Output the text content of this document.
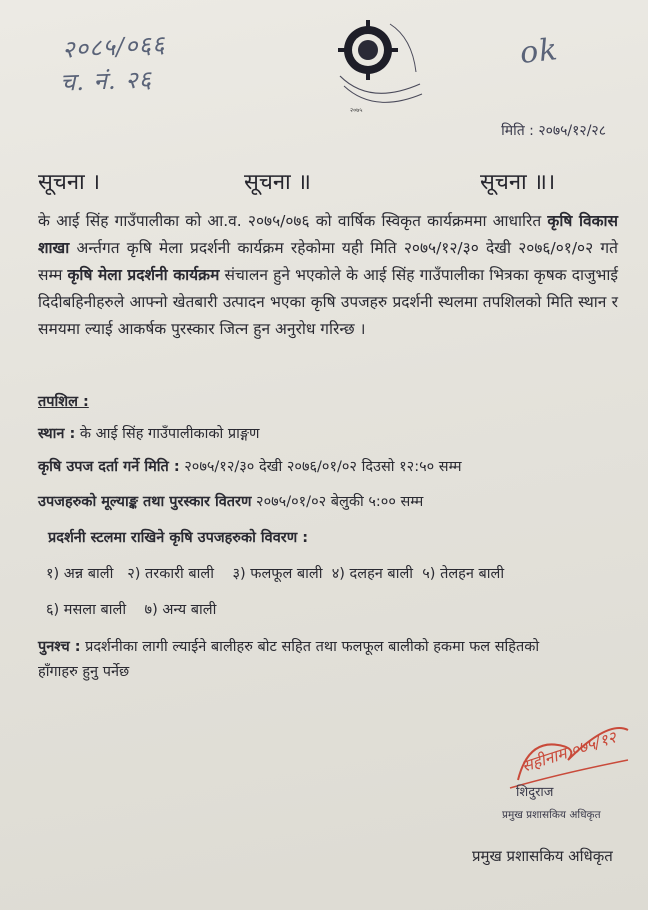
२०८५/०६६
च. नं. २६
ok
२०७५
मिति : २०७५/१२/२८
सूचना ।	सूचना ॥	सूचना ॥।
के आई सिंह गाउँपालीका को आ.व. २०७५/०७६ को वार्षिक स्विकृत कार्यक्रममा आधारित कृषि विकास शाखा अर्न्तगत कृषि मेला प्रदर्शनी कार्यक्रम रहेकोमा यही मिति २०७५/१२/३० देखी २०७६/०१/०२ गते सम्म कृषि मेला प्रदर्शनी कार्यक्रम संचालन हुने भएकोले के आई सिंह गाउँपालीका भित्रका कृषक दाजुभाई दिदीबहिनीहरुले आफ्नो खेतबारी उत्पादन भएका कृषि उपजहरु प्रदर्शनी स्थलमा तपशिलको मिति स्थान र समयमा ल्याई आकर्षक पुरस्कार जित्न हुन अनुरोध गरिन्छ ।
तपशिल :
स्थान : के आई सिंह गाउँपालीकाको प्राङ्गण
कृषि उपज दर्ता गर्ने मिति : २०७५/१२/३० देखी २०७६/०१/०२ दिउसो १२:५० सम्म
उपजहरुको मूल्याङ्क तथा पुरस्कार वितरण २०७५/०१/०२ बेलुकी ५:०० सम्म
प्रदर्शनी स्टलमा राखिने कृषि उपजहरुको विवरण :
१) अन्न बाली   २) तरकारी बाली    ३) फलफूल बाली  ४) दलहन बाली  ५) तेलहन बाली
६) मसला बाली    ७) अन्य बाली
पुनश्च : प्रदर्शनीका लागी ल्याईने बालीहरु बोट सहित तथा फलफूल बालीको हकमा फल सहितको
हाँगाहरु हुनु पर्नेछ
सहीनाम ०७५/१२
शिदुराज
प्रमुख प्रशासकिय अधिकृत
प्रमुख प्रशासकिय अधिकृत
